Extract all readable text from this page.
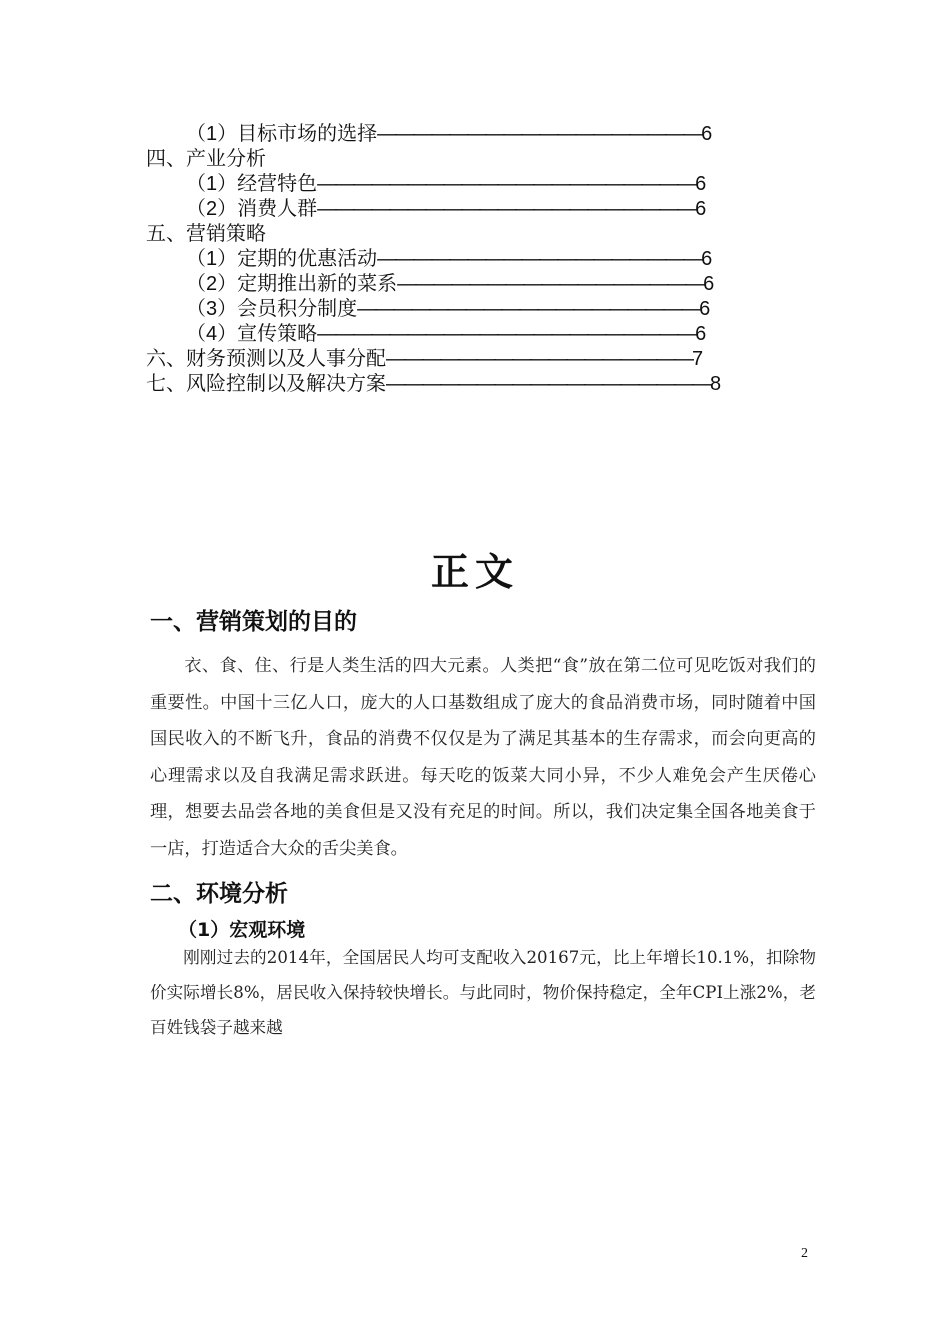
（1）目标市场的选择——————————————————6
四、产业分析
（1）经营特色—————————————————————6
（2）消费人群—————————————————————6
五、营销策略
（1）定期的优惠活动——————————————————6
（2）定期推出新的菜系—————————————————6
（3）会员积分制度———————————————————6
（4）宣传策略—————————————————————6
六、财务预测以及人事分配—————————————————7
七、风险控制以及解决方案——————————————————8
正文
一、营销策划的目的

衣、食、住、行是人类生活的四大元素。人类把“食”放在第二位可见吃饭对我们的重要性。中国十三亿人口，庞大的人口基数组成了庞大的食品消费市场，同时随着中国国民收入的不断飞升，食品的消费不仅仅是为了满足其基本的生存需求，而会向更高的心理需求以及自我满足需求跃进。每天吃的饭菜大同小异，不少人难免会产生厌倦心理，想要去品尝各地的美食但是又没有充足的时间。所以，我们决定集全国各地美食于一店，打造适合大众的舌尖美食。

二、环境分析
（1）宏观环境

刚刚过去的2014年，全国居民人均可支配收入20167元，比上年增长10.1%，扣除物价实际增长8%，居民收入保持较快增长。与此同时，物价保持稳定，全年CPI上涨2%，老百姓钱袋子越来越

2
